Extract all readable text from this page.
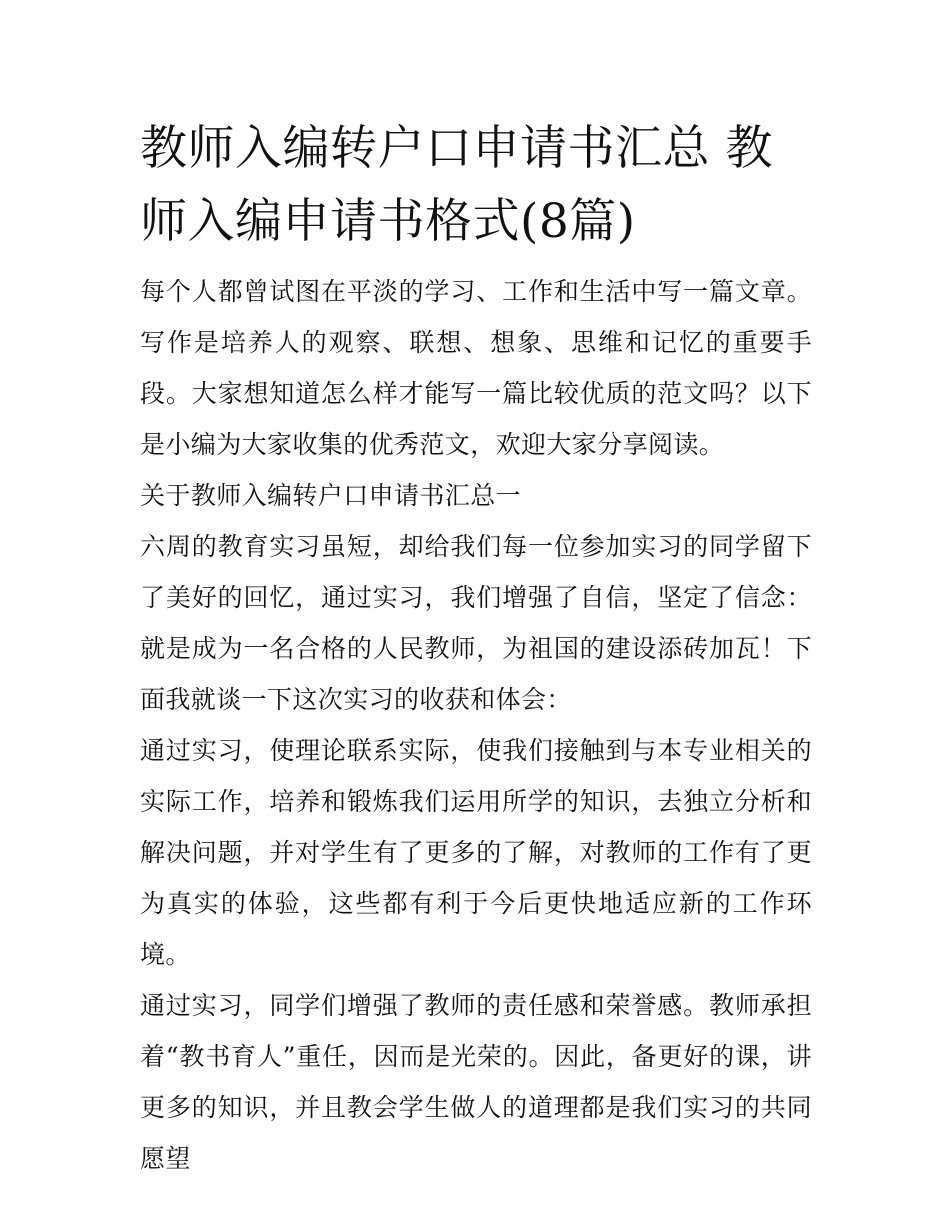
教师入编转户口申请书汇总 教师入编申请书格式(8篇)

每个人都曾试图在平淡的学习、工作和生活中写一篇文章。写作是培养人的观察、联想、想象、思维和记忆的重要手段。大家想知道怎么样才能写一篇比较优质的范文吗？以下是小编为大家收集的优秀范文，欢迎大家分享阅读。

关于教师入编转户口申请书汇总一

六周的教育实习虽短，却给我们每一位参加实习的同学留下了美好的回忆，通过实习，我们增强了自信，坚定了信念：就是成为一名合格的人民教师，为祖国的建设添砖加瓦！下面我就谈一下这次实习的收获和体会：

通过实习，使理论联系实际，使我们接触到与本专业相关的实际工作，培养和锻炼我们运用所学的知识，去独立分析和解决问题，并对学生有了更多的了解，对教师的工作有了更为真实的体验，这些都有利于今后更快地适应新的工作环境。

通过实习，同学们增强了教师的责任感和荣誉感。教师承担着“教书育人”重任，因而是光荣的。因此，备更好的课，讲更多的知识，并且教会学生做人的道理都是我们实习的共同愿望
